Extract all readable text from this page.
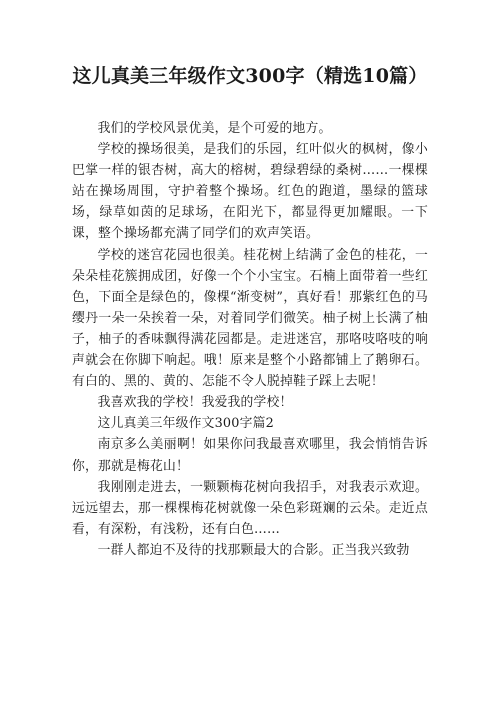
这儿真美三年级作文300字（精选10篇）

我们的学校风景优美，是个可爱的地方。

学校的操场很美，是我们的乐园，红叶似火的枫树，像小巴掌一样的银杏树，高大的榕树，碧绿碧绿的桑树……一棵棵站在操场周围，守护着整个操场。红色的跑道，墨绿的篮球场，绿草如茵的足球场，在阳光下，都显得更加耀眼。一下课，整个操场都充满了同学们的欢声笑语。

学校的迷宫花园也很美。桂花树上结满了金色的桂花，一朵朵桂花簇拥成团，好像一个个小宝宝。石楠上面带着一些红色，下面全是绿色的，像棵“渐变树”，真好看！那紫红色的马缨丹一朵一朵挨着一朵，对着同学们微笑。柚子树上长满了柚子，柚子的香味飘得满花园都是。走进迷宫，那咯吱咯吱的响声就会在你脚下响起。哦！原来是整个小路都铺上了鹅卵石。有白的、黑的、黄的、怎能不令人脱掉鞋子踩上去呢！

我喜欢我的学校！我爱我的学校！

这儿真美三年级作文300字篇2

南京多么美丽啊！如果你问我最喜欢哪里，我会悄悄告诉你，那就是梅花山！

我刚刚走进去，一颗颗梅花树向我招手，对我表示欢迎。远远望去，那一棵棵梅花树就像一朵色彩斑斓的云朵。走近点看，有深粉，有浅粉，还有白色……

一群人都迫不及待的找那颗最大的合影。正当我兴致勃
